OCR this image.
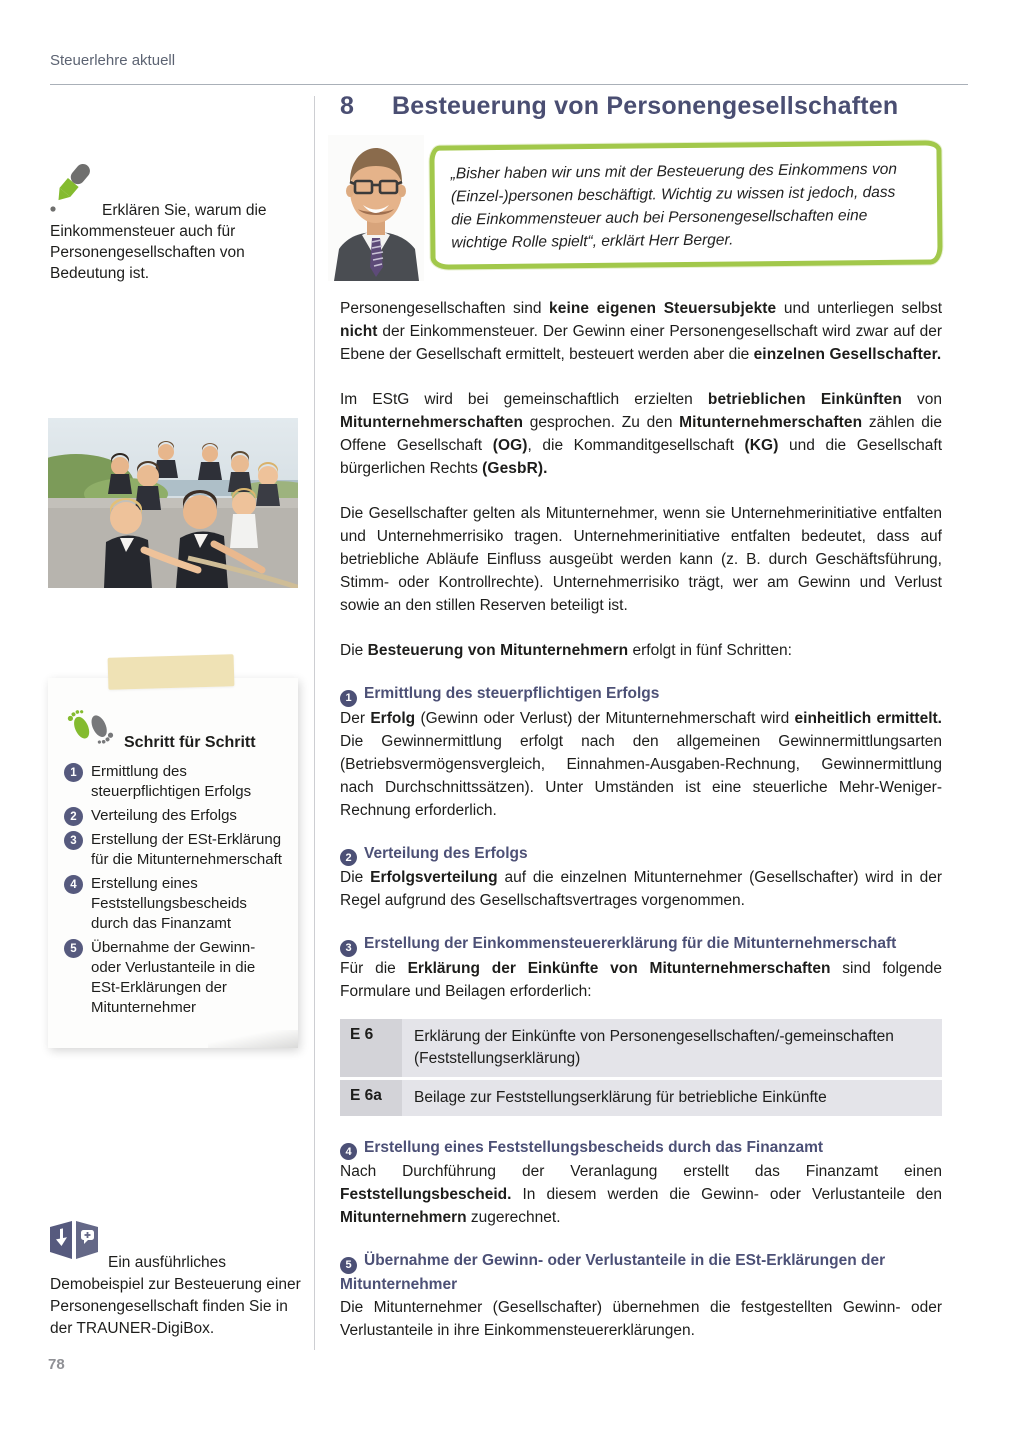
Steuerlehre aktuell

Erklären Sie, warum die Einkommensteuer auch für Personengesellschaften von Bedeutung ist.

Schritt für Schritt
1 Ermittlung des steuerpflichtigen Erfolgs
2 Verteilung des Erfolgs
3 Erstellung der ESt-Erklärung für die Mitunternehmerschaft
4 Erstellung eines Feststellungsbescheids durch das Finanzamt
5 Übernahme der Gewinn- oder Verlustanteile in die ESt-Erklärungen der Mitunternehmer

Ein ausführliches Demobeispiel zur Besteuerung einer Personengesellschaft finden Sie in der TRAUNER-DigiBox.

78
8	Besteuerung von Personengesellschaften
„Bisher haben wir uns mit der Besteuerung des Einkommens von (Einzel-)personen beschäftigt. Wichtig zu wissen ist jedoch, dass die Einkommensteuer auch bei Personengesellschaften eine wichtige Rolle spielt“, erklärt Herr Berger.

Personengesellschaften sind keine eigenen Steuersubjekte und unterliegen selbst nicht der Einkommensteuer. Der Gewinn einer Personengesellschaft wird zwar auf der Ebene der Gesellschaft ermittelt, besteuert werden aber die einzelnen Gesellschafter.

Im EStG wird bei gemeinschaftlich erzielten betrieblichen Einkünften von Mitunternehmerschaften gesprochen. Zu den Mitunternehmerschaften zählen die Offene Gesellschaft (OG), die Kommanditgesellschaft (KG) und die Gesellschaft bürgerlichen Rechts (GesbR).

Die Gesellschafter gelten als Mitunternehmer, wenn sie Unternehmerinitiative entfalten und Unternehmerrisiko tragen. Unternehmerinitiative entfalten bedeutet, dass auf betriebliche Abläufe Einfluss ausgeübt werden kann (z. B. durch Geschäftsführung, Stimm- oder Kontrollrechte). Unternehmerrisiko trägt, wer am Gewinn und Verlust sowie an den stillen Reserven beteiligt ist.

Die Besteuerung von Mitunternehmern erfolgt in fünf Schritten:

1 Ermittlung des steuerpflichtigen Erfolgs

Der Erfolg (Gewinn oder Verlust) der Mitunternehmerschaft wird einheitlich ermittelt. Die Gewinnermittlung erfolgt nach den allgemeinen Gewinnermittlungsarten (Betriebsvermögensvergleich, Einnahmen-Ausgaben-Rechnung, Gewinnermittlung nach Durchschnittssätzen). Unter Umständen ist eine steuerliche Mehr-Weniger-Rechnung erforderlich.

2 Verteilung des Erfolgs

Die Erfolgsverteilung auf die einzelnen Mitunternehmer (Gesellschafter) wird in der Regel aufgrund des Gesellschaftsvertrages vorgenommen.

3 Erstellung der Einkommensteuererklärung für die Mitunternehmerschaft

Für die Erklärung der Einkünfte von Mitunternehmerschaften sind folgende Formulare und Beilagen erforderlich:

E 6	Erklärung der Einkünfte von Personengesellschaften/-gemeinschaften (Feststellungserklärung)
E 6a	Beilage zur Feststellungserklärung für betriebliche Einkünfte
4 Erstellung eines Feststellungsbescheids durch das Finanzamt

Nach Durchführung der Veranlagung erstellt das Finanzamt einen Feststellungsbescheid. In diesem werden die Gewinn- oder Verlustanteile den Mitunternehmern zugerechnet.

5 Übernahme der Gewinn- oder Verlustanteile in die ESt-Erklärungen der Mitunternehmer

Die Mitunternehmer (Gesellschafter) übernehmen die festgestellten Gewinn- oder Verlustanteile in ihre Einkommensteuererklärungen.
